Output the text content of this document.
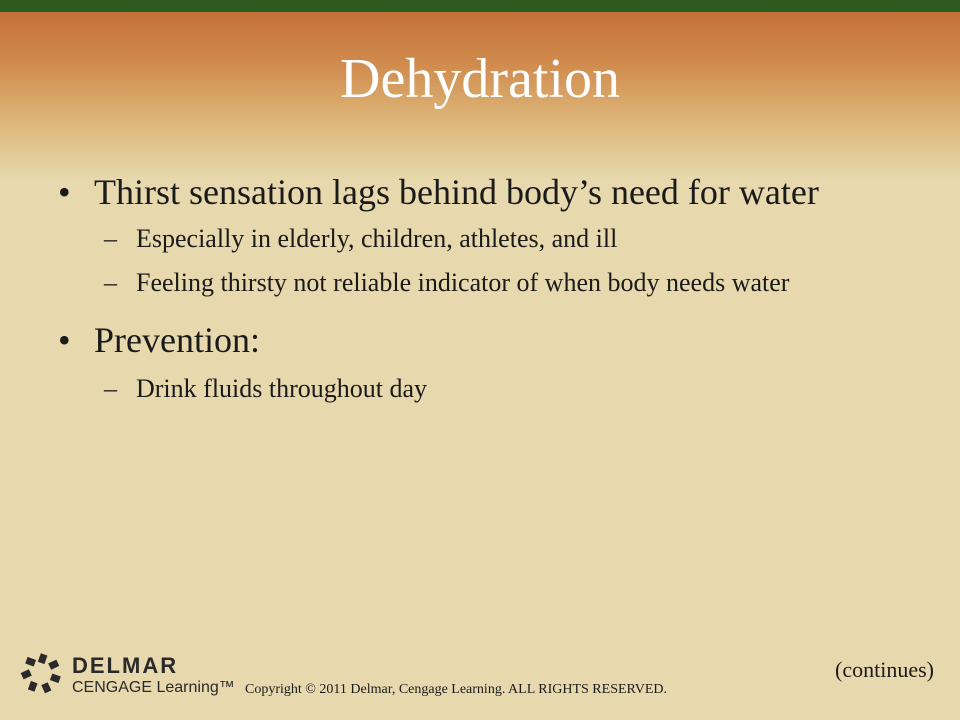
Dehydration
• Thirst sensation lags behind body’s need for water
– Especially in elderly, children, athletes, and ill
– Feeling thirsty not reliable indicator of when body needs water
• Prevention:
– Drink fluids throughout day
DELMAR
CENGAGE Learning™ Copyright © 2011 Delmar, Cengage Learning. ALL RIGHTS RESERVED.
(continues)
